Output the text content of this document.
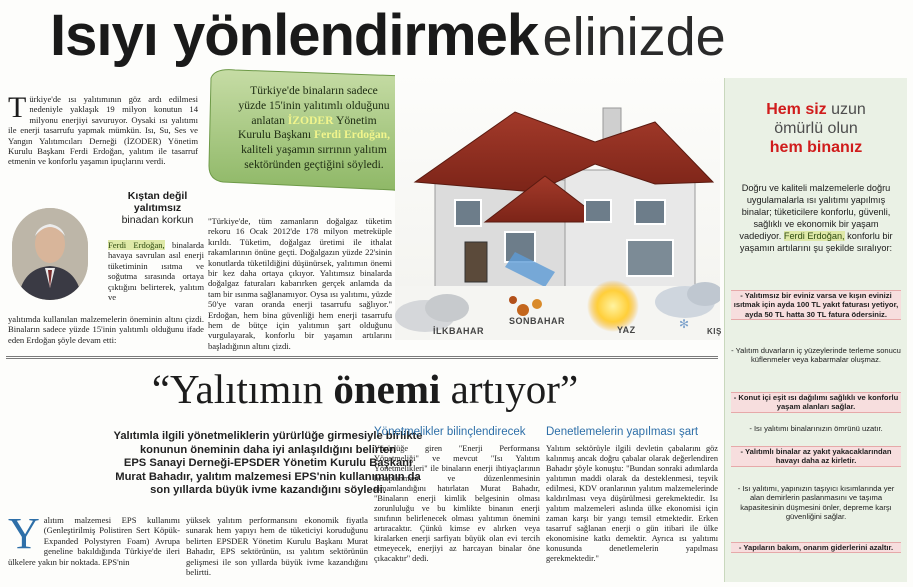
Isıyı yönlendirmek elinizde
T ürkiye'de ısı yalıtımının göz ardı edilmesi nedeniyle yaklaşık 19 milyon konutun 14 milyonu enerjiyi savuruyor. Oysaki ısı yalıtımı ile enerji tasarrufu yapmak mümkün. Isı, Su, Ses ve Yangın Yalıtımcıları Derneği (İZODER) Yönetim Kurulu Başkanı Ferdi Erdoğan, yalıtım ile tasarruf etmenin ve konforlu yaşamın ipuçlarını verdi.
Kıştan değil yalıtımsız
binadan korkun
Ferdi Erdoğan, binalarda havaya savrulan asıl enerji tüketiminin ısıtma ve soğutma sırasında ortaya çıktığını belirterek, yalıtım ve
yalıtımda kullanılan malzemelerin öneminin altını çizdi. Binaların sadece yüzde 15'inin yalıtımlı olduğunu ifade eden Erdoğan şöyle devam etti:
"Türkiye'de, tüm zamanların doğalgaz tüketim rekoru 16 Ocak 2012'de 178 milyon metreküple kırıldı. Tüketim, doğalgaz üretimi ile ithalat rakamlarının önüne geçti. Doğalgazın yüzde 22'sinin konutlarda tüketildiğini düşünürsek, yalıtımın önemi bir kez daha ortaya çıkıyor. Yalıtımsız binalarda doğalgaz faturaları kabarırken gerçek anlamda da tam bir ısınma sağlanamıyor. Oysa ısı yalıtımı, yüzde 50'ye varan oranda enerji tasarrufu sağlıyor." Erdoğan, hem bina güvenliği hem enerji tasarrufu hem de bütçe için yalıtımın şart olduğunu vurgulayarak, konforlu bir yaşamın artılarını başladığının altını çizdi.
Türkiye'de binaların sadece
yüzde 15'inin yalıtımlı olduğunu
anlatan İZODER Yönetim
Kurulu Başkanı Ferdi Erdoğan,
kaliteli yaşamın sırrının yalıtım
sektöründen geçtiğini söyledi.
✻
İLKBAHAR
SONBAHAR
YAZ	KIŞ
Hem siz uzun
ömürlü olun
hem binanız
Doğru ve kaliteli malzemelerle doğru uygulamalarla ısı yalıtımı yapılmış binalar; tüketicilere konforlu, güvenli, sağlıklı ve ekonomik bir yaşam vadediyor. Ferdi Erdoğan, konforlu bir yaşamın artılarını şu şekilde sıralıyor:
- Yalıtımsız bir eviniz varsa ve kışın evinizi ısıtmak için ayda 100 TL yakıt faturası yetiyor, ayda 50 TL hatta 30 TL fatura ödersiniz.
- Yalıtım duvarların iç yüzeylerinde terleme sonucu küflenmeler veya kabarmalar oluşmaz.
- Konut içi eşit ısı dağılımı sağlıklı ve konforlu yaşam alanları sağlar.
- Isı yalıtımı binalarınızın ömrünü uzatır.
- Yalıtımlı binalar az yakıt yakacaklarından havayı daha az kirletir.
- Isı yalıtımı, yapınızın taşıyıcı kısımlarında yer alan demirlerin paslanmasını ve taşıma kapasitesinin düşmesini önler, depreme karşı güvenliğini sağlar.
- Yapıların bakım, onarım giderlerini azaltır.
“Yalıtımın önemi artıyor”
Yalıtımla ilgili yönetmeliklerin yürürlüğe girmesiyle birlikte
konunun öneminin daha iyi anlaşıldığını belirten
EPS Sanayi Derneği-EPSDER Yönetim Kurulu Başkanı
Murat Bahadır, yalıtım malzemesi EPS'nin kullanımının da
son yıllarda büyük ivme kazandığını söyledi.
Y alıtım malzemesi EPS kullanımı (Genleştirilmiş Polistiren Sert Köpük-Expanded Polystyren Foam) Avrupa geneline bakıldığında Türkiye'de ileri ülkelere yakın bir noktada. EPS'nin
yüksek yalıtım performansını ekonomik fiyatla sunarak hem yapıyı hem de tüketiciyi koruduğunu belirten EPSDER Yönetim Kurulu Başkanı Murat Bahadır, EPS sektörünün, ısı yalıtım sektörünün gelişmesi ile son yıllarda büyük ivme kazandığını belirtti.
Yönetmelikler bilinçlendirecek
Yürürlüğe giren "Enerji Performansı Yönetmeliği" ve mevcut "Isı Yalıtım Yönetmelikleri" ile binaların enerji ihtiyaçlarının hesaplanması ve düzenlenmesinin tamamlandığını hatırlatan Murat Bahadır, "Binaların enerji kimlik belgesinin olması zorunluluğu ve bu kimlikte binanın enerji sınıfının belirlenecek olması yalıtımın önemini artıracaktır. Çünkü kimse ev alırken veya kiralarken enerji sarfiyatı büyük olan evi tercih etmeyecek, enerjiyi az harcayan binalar öne çıkacaktır" dedi.
Denetlemelerin yapılması şart
Yalıtım sektörüyle ilgili devletin çabalarını göz kalınmış ancak doğru çabalar olarak değerlendiren Bahadır şöyle konuştu: "Bundan sonraki adımlarda yalıtımın maddi olarak da desteklenmesi, teşvik edilmesi, KDV oranlarının yalıtım malzemelerinde kaldırılması veya düşürülmesi gerekmektedir. Isı yalıtım malzemeleri aslında ülke ekonomisi için zaman karşı bir yangı temsil etmektedir. Erken tasarruf sağlanan enerji o gün itibari ile ülke ekonomisine katkı demektir. Ayrıca ısı yalıtımı konusunda denetlemelerin yapılması gerekmektedir."
